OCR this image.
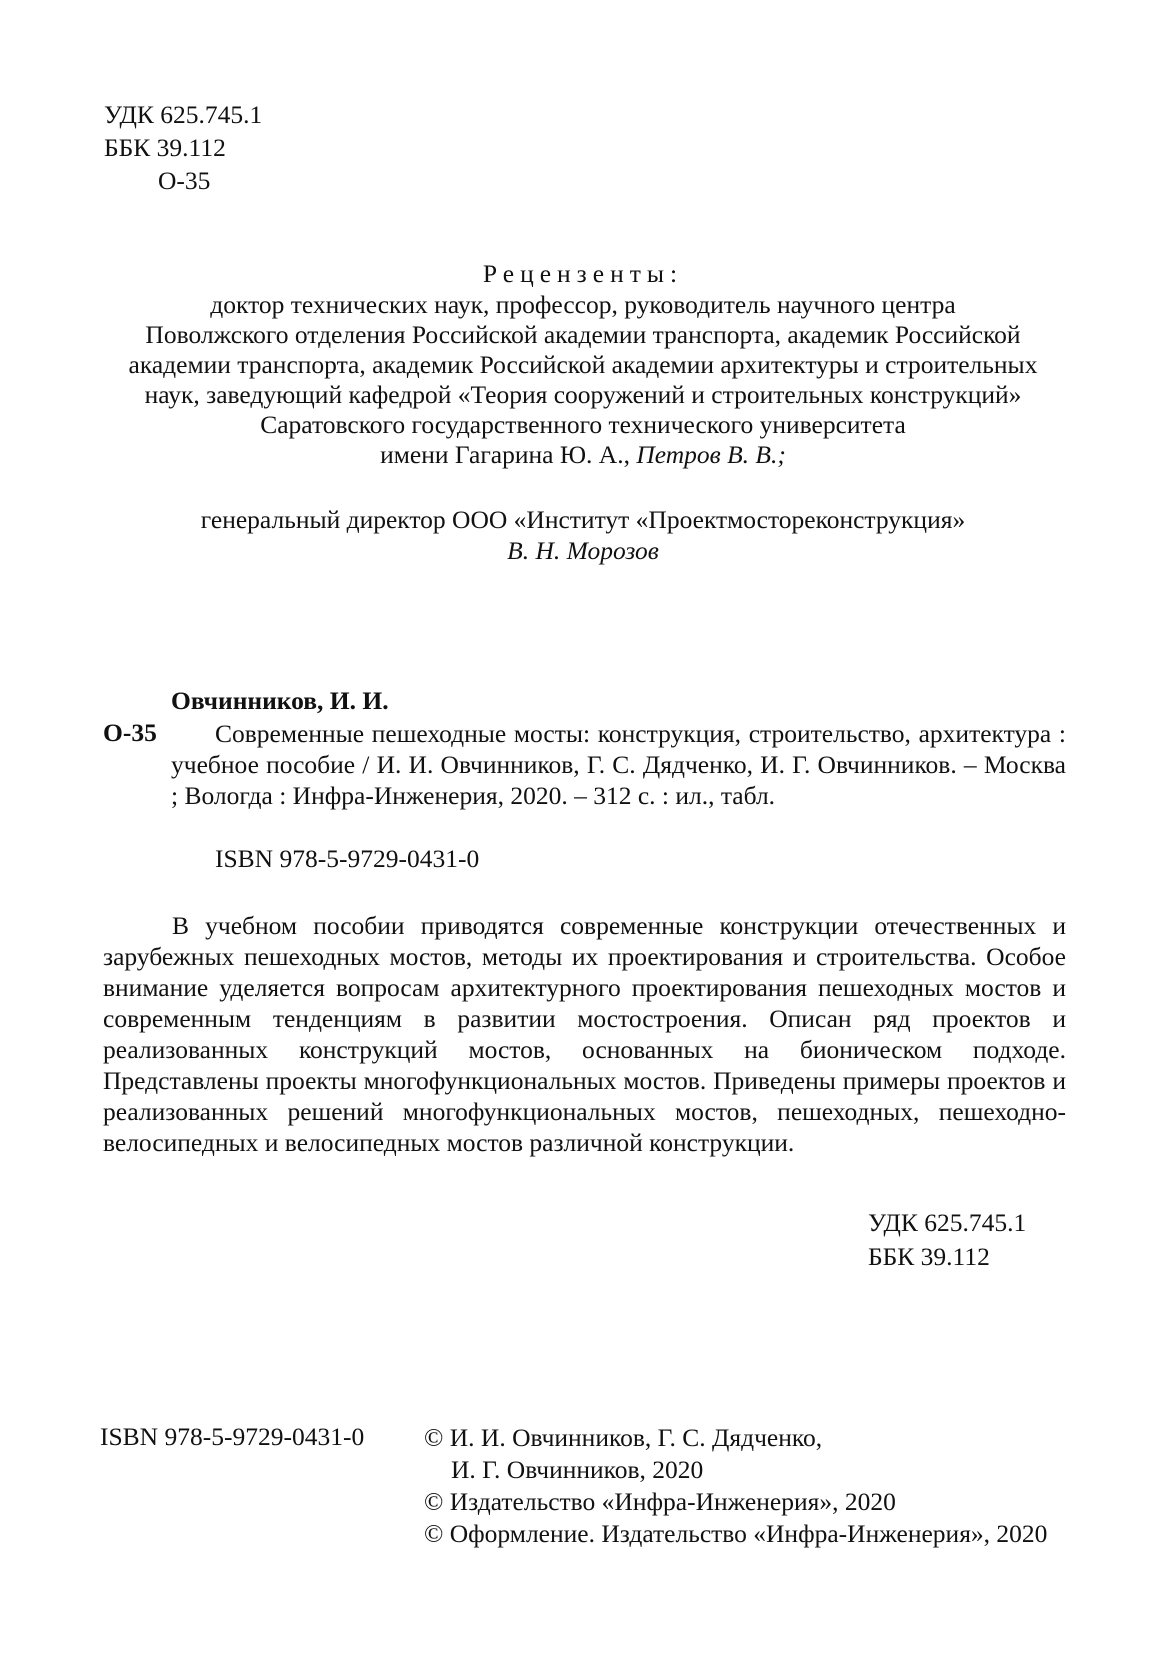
УДК 625.745.1

ББК 39.112

О-35

Рецензенты:
доктор технических наук, профессор, руководитель научного центра
Поволжского отделения Российской академии транспорта, академик Российской
академии транспорта, академик Российской академии архитектуры и строительных
наук, заведующий кафедрой «Теория сооружений и строительных конструкций»
Саратовского государственного технического университета
имени Гагарина Ю. А., Петров В. В.;
генеральный директор ООО «Институт «Проектмостореконструкция»
В. Н. Морозов

Овчинников, И. И.

О-35	Современные пешеходные мосты: конструкция, строительство, архитектура : учебное пособие / И. И. Овчинников, Г. С. Дядченко, И. Г. Овчинников. – Москва ; Вологда : Инфра-Инженерия, 2020. – 312 с. : ил., табл.

ISBN 978-5-9729-0431-0

В учебном пособии приводятся современные конструкции отечественных и зарубежных пешеходных мостов, методы их проектирования и строительства. Особое внимание уделяется вопросам архитектурного проектирования пешеходных мостов и современным тенденциям в развитии мостостроения. Описан ряд проектов и реализованных конструкций мостов, основанных на бионическом подходе. Представлены проекты многофункциональных мостов. Приведены примеры проектов и реализованных решений многофункциональных мостов, пешеходных, пешеходно-велосипедных и велосипедных мостов различной конструкции.

УДК 625.745.1

ББК 39.112

ISBN 978-5-9729-0431-0 © И. И. Овчинников, Г. С. Дядченко,
И. Г. Овчинников, 2020
© Издательство «Инфра-Инженерия», 2020
© Оформление. Издательство «Инфра-Инженерия», 2020
